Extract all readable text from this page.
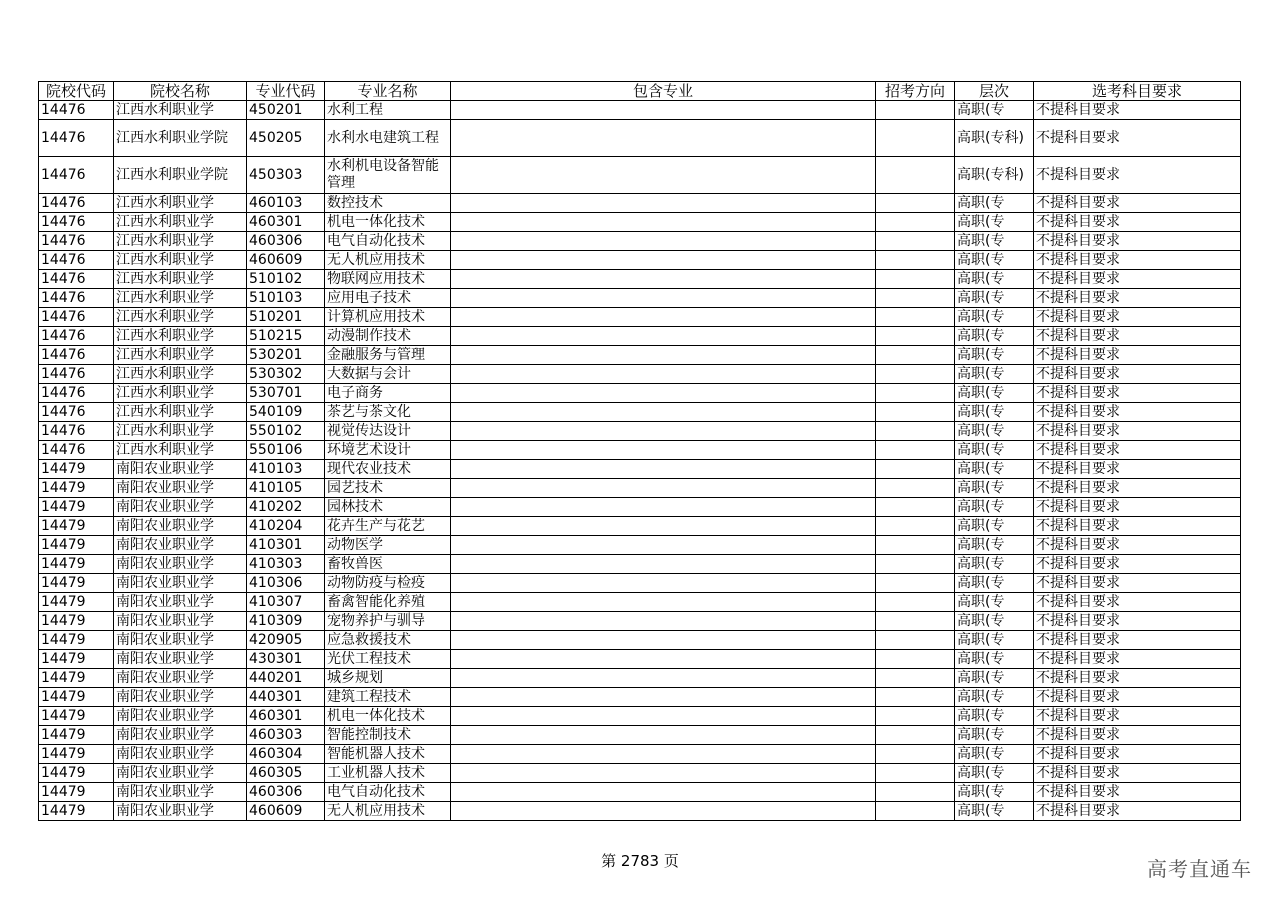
院校代码	院校名称	专业代码	专业名称	包含专业	招考方向	层次	选考科目要求
14476	江西水利职业学	450201	水利工程			高职(专	不提科目要求
14476	江西水利职业学院	450205	水利水电建筑工程			高职(专科)	不提科目要求
14476	江西水利职业学院	450303	水利机电设备智能管理			高职(专科)	不提科目要求
14476	江西水利职业学	460103	数控技术			高职(专	不提科目要求
14476	江西水利职业学	460301	机电一体化技术			高职(专	不提科目要求
14476	江西水利职业学	460306	电气自动化技术			高职(专	不提科目要求
14476	江西水利职业学	460609	无人机应用技术			高职(专	不提科目要求
14476	江西水利职业学	510102	物联网应用技术			高职(专	不提科目要求
14476	江西水利职业学	510103	应用电子技术			高职(专	不提科目要求
14476	江西水利职业学	510201	计算机应用技术			高职(专	不提科目要求
14476	江西水利职业学	510215	动漫制作技术			高职(专	不提科目要求
14476	江西水利职业学	530201	金融服务与管理			高职(专	不提科目要求
14476	江西水利职业学	530302	大数据与会计			高职(专	不提科目要求
14476	江西水利职业学	530701	电子商务			高职(专	不提科目要求
14476	江西水利职业学	540109	茶艺与茶文化			高职(专	不提科目要求
14476	江西水利职业学	550102	视觉传达设计			高职(专	不提科目要求
14476	江西水利职业学	550106	环境艺术设计			高职(专	不提科目要求
14479	南阳农业职业学	410103	现代农业技术			高职(专	不提科目要求
14479	南阳农业职业学	410105	园艺技术			高职(专	不提科目要求
14479	南阳农业职业学	410202	园林技术			高职(专	不提科目要求
14479	南阳农业职业学	410204	花卉生产与花艺			高职(专	不提科目要求
14479	南阳农业职业学	410301	动物医学			高职(专	不提科目要求
14479	南阳农业职业学	410303	畜牧兽医			高职(专	不提科目要求
14479	南阳农业职业学	410306	动物防疫与检疫			高职(专	不提科目要求
14479	南阳农业职业学	410307	畜禽智能化养殖			高职(专	不提科目要求
14479	南阳农业职业学	410309	宠物养护与驯导			高职(专	不提科目要求
14479	南阳农业职业学	420905	应急救援技术			高职(专	不提科目要求
14479	南阳农业职业学	430301	光伏工程技术			高职(专	不提科目要求
14479	南阳农业职业学	440201	城乡规划			高职(专	不提科目要求
14479	南阳农业职业学	440301	建筑工程技术			高职(专	不提科目要求
14479	南阳农业职业学	460301	机电一体化技术			高职(专	不提科目要求
14479	南阳农业职业学	460303	智能控制技术			高职(专	不提科目要求
14479	南阳农业职业学	460304	智能机器人技术			高职(专	不提科目要求
14479	南阳农业职业学	460305	工业机器人技术			高职(专	不提科目要求
14479	南阳农业职业学	460306	电气自动化技术			高职(专	不提科目要求
14479	南阳农业职业学	460609	无人机应用技术			高职(专	不提科目要求
第 2783 页	高考直通车
